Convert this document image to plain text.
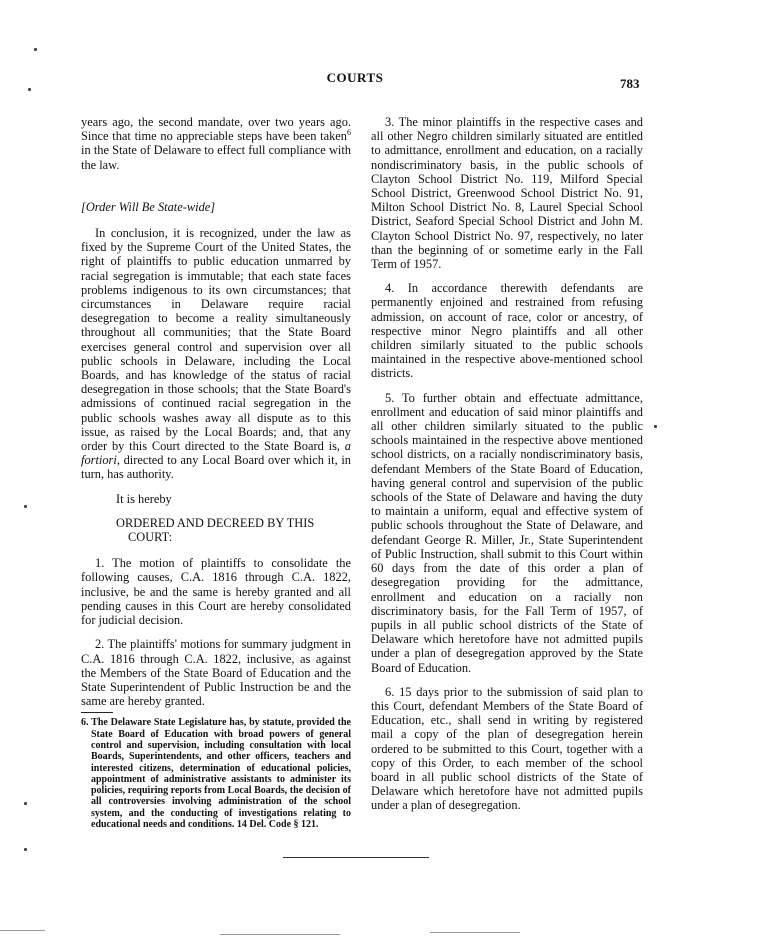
COURTS	783

years ago, the second mandate, over two years ago. Since that time no appreciable steps have been taken$^6$ in the State of Delaware to effect full compliance with the law.

[Order Will Be State-wide]

In conclusion, it is recognized, under the law as fixed by the Supreme Court of the United States, the right of plaintiffs to public education unmarred by racial segregation is immutable; that each state faces problems indigenous to its own circumstances; that circumstances in Delaware require racial desegregation to become a reality simultaneously throughout all communities; that the State Board exercises general control and supervision over all public schools in Delaware, including the Local Boards, and has knowledge of the status of racial desegregation in those schools; that the State Board's admissions of continued racial segregation in the public schools washes away all dispute as to this issue, as raised by the Local Boards; and, that any order by this Court directed to the State Board is, a fortiori, directed to any Local Board over which it, in turn, has authority.

It is hereby

ORDERED AND DECREED BY THIS
COURT:

1. The motion of plaintiffs to consolidate the following causes, C.A. 1816 through C.A. 1822, inclusive, be and the same is hereby granted and all pending causes in this Court are hereby consolidated for judicial decision.

2. The plaintiffs' motions for summary judgment in C.A. 1816 through C.A. 1822, inclusive, as against the Members of the State Board of Education and the State Superintendent of Public Instruction be and the same are hereby granted.

6. The Delaware State Legislature has, by statute, provided the State Board of Education with broad powers of general control and supervision, including consultation with local Boards, Superintendents, and other officers, teachers and interested citizens, determination of educational policies, appointment of administrative assistants to administer its policies, requiring reports from Local Boards, the decision of all controversies involving administration of the school system, and the conducting of investigations relating to educational needs and conditions. 14 Del. Code § 121.

3. The minor plaintiffs in the respective cases and all other Negro children similarly situated are entitled to admittance, enrollment and education, on a racially nondiscriminatory basis, in the public schools of Clayton School District No. 119, Milford Special School District, Greenwood School District No. 91, Milton School District No. 8, Laurel Special School District, Seaford Special School District and John M. Clayton School District No. 97, respectively, no later than the beginning of or sometime early in the Fall Term of 1957.

4. In accordance therewith defendants are permanently enjoined and restrained from refusing admission, on account of race, color or ancestry, of respective minor Negro plaintiffs and all other children similarly situated to the public schools maintained in the respective above-mentioned school districts.

5. To further obtain and effectuate admittance, enrollment and education of said minor plaintiffs and all other children similarly situated to the public schools maintained in the respective above mentioned school districts, on a racially nondiscriminatory basis, defendant Members of the State Board of Education, having general control and supervision of the public schools of the State of Delaware and having the duty to maintain a uniform, equal and effective system of public schools throughout the State of Delaware, and defendant George R. Miller, Jr., State Superintendent of Public Instruction, shall submit to this Court within 60 days from the date of this order a plan of desegregation providing for the admittance, enrollment and education on a racially non discriminatory basis, for the Fall Term of 1957, of pupils in all public school districts of the State of Delaware which heretofore have not admitted pupils under a plan of desegregation approved by the State Board of Education.

6. 15 days prior to the submission of said plan to this Court, defendant Members of the State Board of Education, etc., shall send in writing by registered mail a copy of the plan of desegregation herein ordered to be submitted to this Court, together with a copy of this Order, to each member of the school board in all public school districts of the State of Delaware which heretofore have not admitted pupils under a plan of desegregation.
